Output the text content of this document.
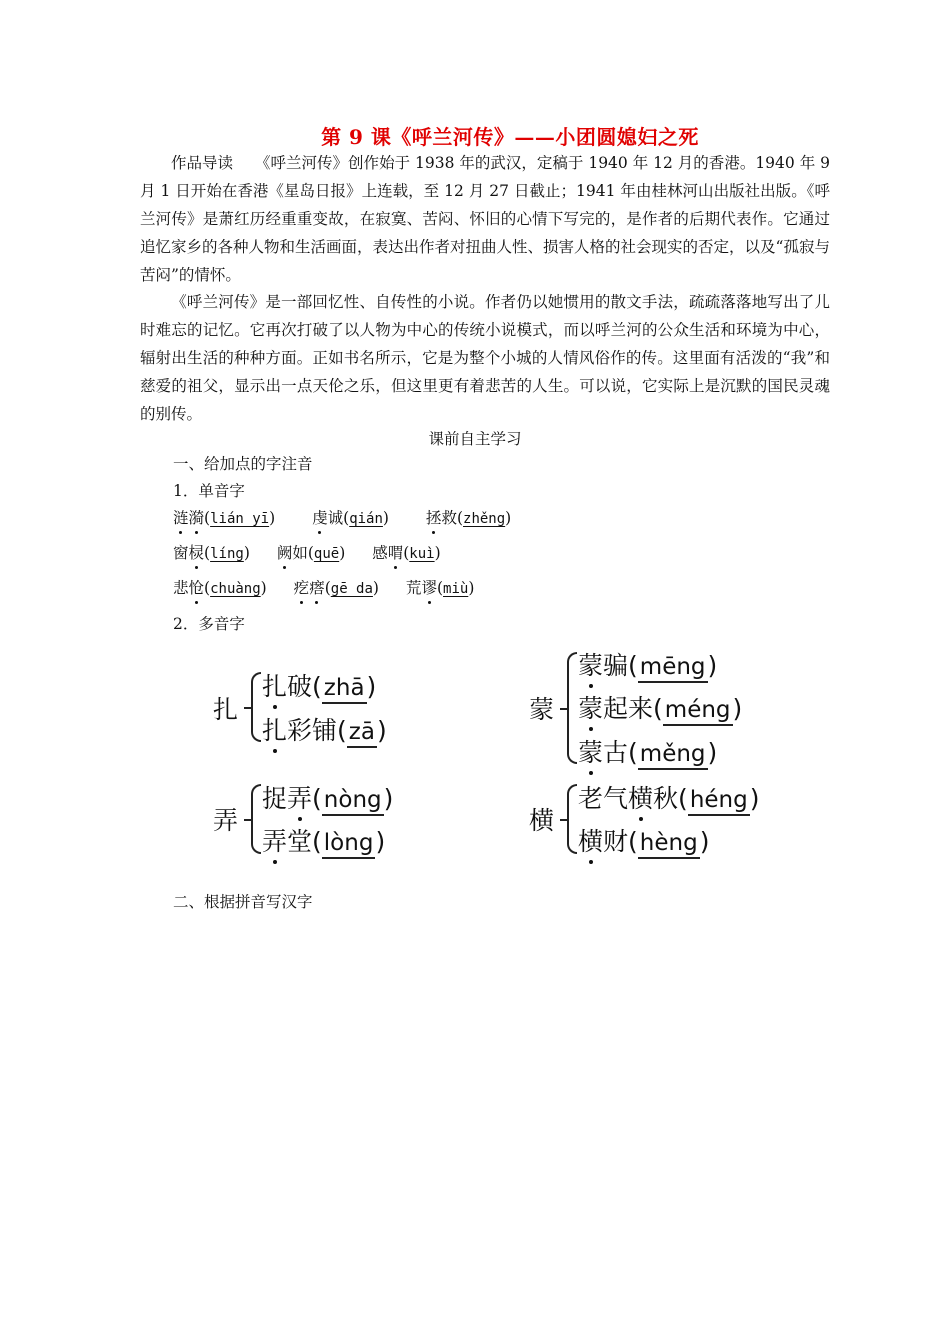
第 9 课《呼兰河传》——小团圆媳妇之死

作品导读 《呼兰河传》创作始于 1938 年的武汉，定稿于 1940 年 12 月的香港。1940 年 9 月 1 日开始在香港《星岛日报》上连载，至 12 月 27 日截止；1941 年由桂林河山出版社出版。《呼兰河传》是萧红历经重重变故，在寂寞、苦闷、怀旧的心情下写完的，是作者的后期代表作。它通过追忆家乡的各种人物和生活画面，表达出作者对扭曲人性、损害人格的社会现实的否定，以及“孤寂与苦闷”的情怀。

《呼兰河传》是一部回忆性、自传性的小说。作者仍以她惯用的散文手法，疏疏落落地写出了儿时难忘的记忆。它再次打破了以人物为中心的传统小说模式，而以呼兰河的公众生活和环境为中心，辐射出生活的种种方面。正如书名所示，它是为整个小城的人情风俗作的传。这里面有活泼的“我”和慈爱的祖父，显示出一点天伦之乐，但这里更有着悲苦的人生。可以说，它实际上是沉默的国民灵魂的别传。

课前自主学习
一、给加点的字注音
1．单音字
涟漪(lián yī) 虔诚(qián) 拯救(zhěng)
窗棂(líng) 阙如(quē) 感喟(kuì)
悲怆(chuàng) 疙瘩(gē da) 荒谬(miù)
2．多音字
扎
扎破(zhā)
扎彩铺(zā)
蒙
蒙骗(mēng)
蒙起来(méng)
蒙古(měng)
弄
捉弄(nòng)
弄堂(lòng)
横
老气横秋(héng)
横财(hèng)
二、根据拼音写汉字
